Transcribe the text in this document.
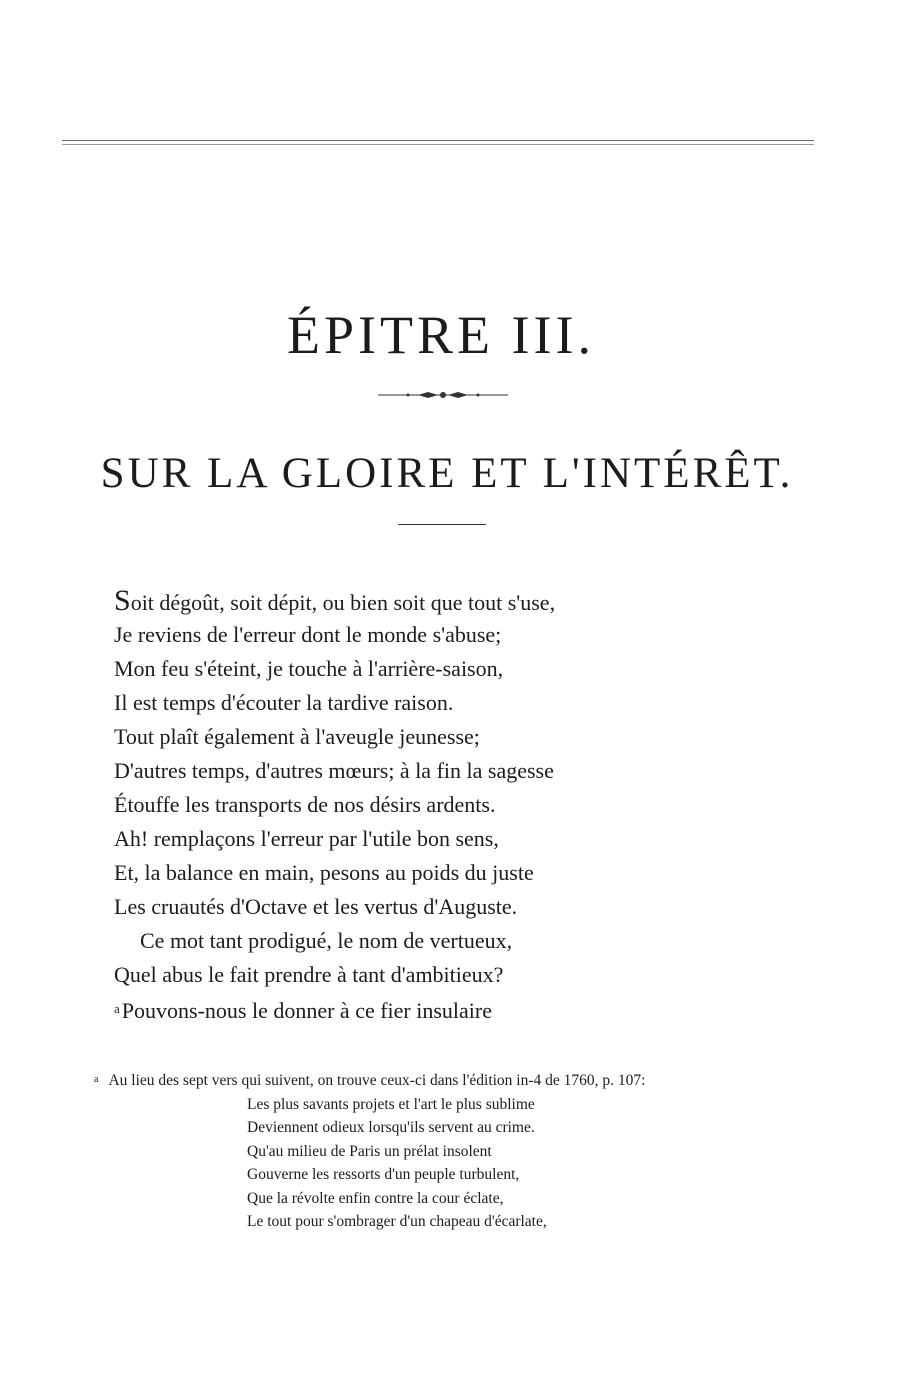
ÉPITRE III.
SUR LA GLOIRE ET L'INTÉRÊT.
Soit dégoût, soit dépit, ou bien soit que tout s'use,
Je reviens de l'erreur dont le monde s'abuse;
Mon feu s'éteint, je touche à l'arrière-saison,
Il est temps d'écouter la tardive raison.
Tout plaît également à l'aveugle jeunesse;
D'autres temps, d'autres mœurs; à la fin la sagesse
Étouffe les transports de nos désirs ardents.
Ah! remplaçons l'erreur par l'utile bon sens,
Et, la balance en main, pesons au poids du juste
Les cruautés d'Octave et les vertus d'Auguste.
Ce mot tant prodigué, le nom de vertueux,
Quel abus le fait prendre à tant d'ambitieux?
$^a$Pouvons-nous le donner à ce fier insulaire
a Au lieu des sept vers qui suivent, on trouve ceux-ci dans l'édition in-4 de 1760, p. 107:
Les plus savants projets et l'art le plus sublime
Deviennent odieux lorsqu'ils servent au crime.
Qu'au milieu de Paris un prélat insolent
Gouverne les ressorts d'un peuple turbulent,
Que la révolte enfin contre la cour éclate,
Le tout pour s'ombrager d'un chapeau d'écarlate,
